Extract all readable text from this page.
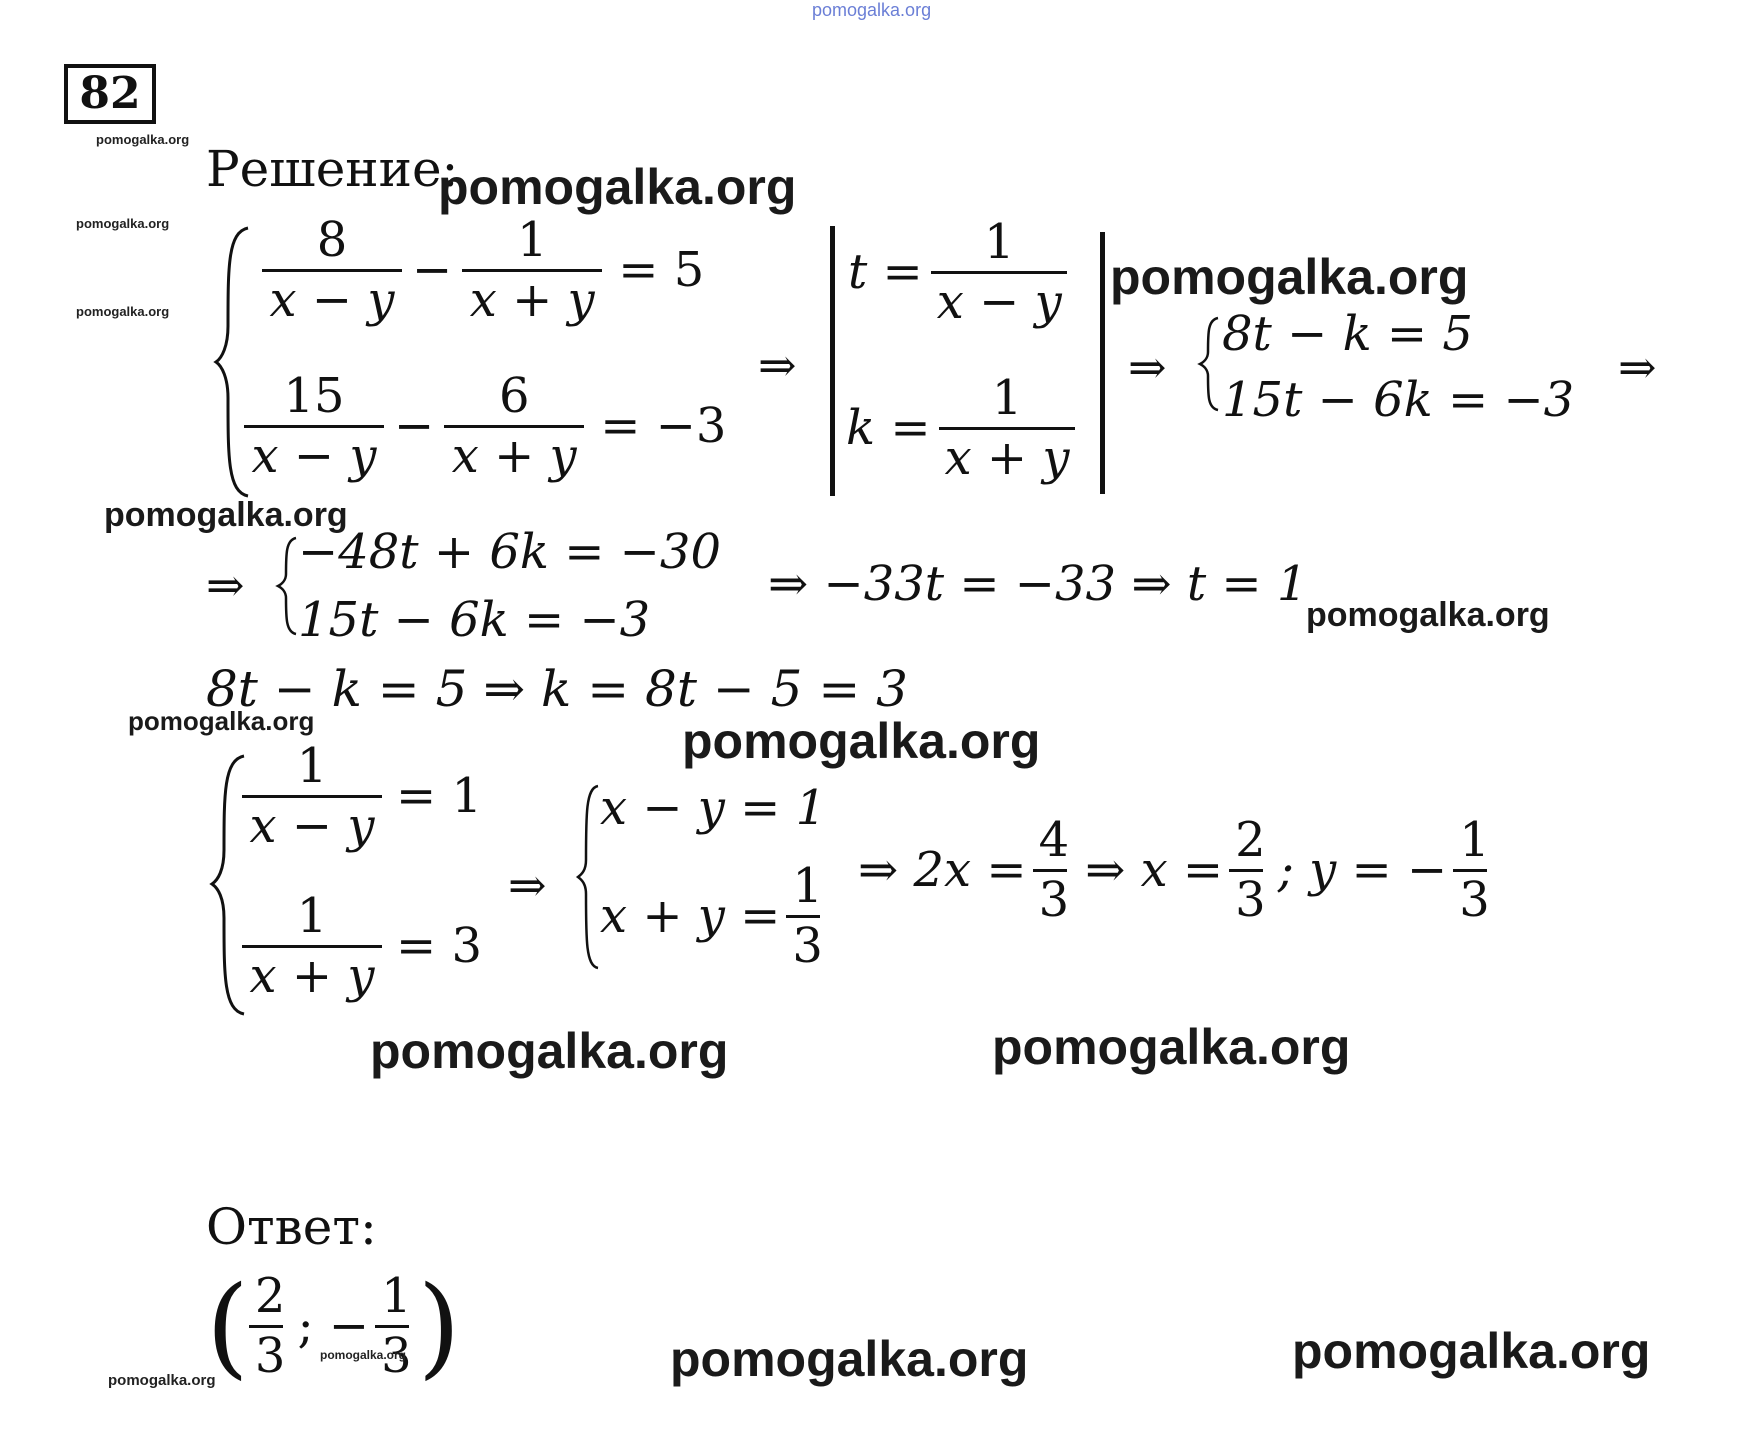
pomogalka.org
82
pomogalka.org
Решение:
pomogalka.org
pomogalka.org
pomogalka.org $\frac{8}{x - y} - \frac{1}{x + y} = 5$
$\frac{15}{x - y} - \frac{6}{x + y} = -3$
⇒
$t = \frac{1}{x - y}$
$k = \frac{1}{x + y}$
pomogalka.org
⇒
8t − k = 5
15t − 6k = −3
⇒
pomogalka.org
⇒
−48t + 6k = −30
15t − 6k = −3
⇒ −33t = −33 ⇒ t = 1
pomogalka.org
8t − k = 5 ⇒ k = 8t − 5 = 3
pomogalka.org	pomogalka.org
$\frac{1}{x - y} = 1$
$\frac{1}{x + y} = 3$
⇒
x − y = 1
$x + y = \frac{1}{3}$ ⇒ $2x = \frac{4}{3}$ ⇒ $x = \frac{2}{3}$ ; y = − $\frac{1}{3}$
pomogalka.org	pomogalka.org
Ответ:
( $\frac{2}{3}$ ; − $\frac{1}{3}$ )
pomogalka.org
pomogalka.org	pomogalka.org	pomogalka.org
